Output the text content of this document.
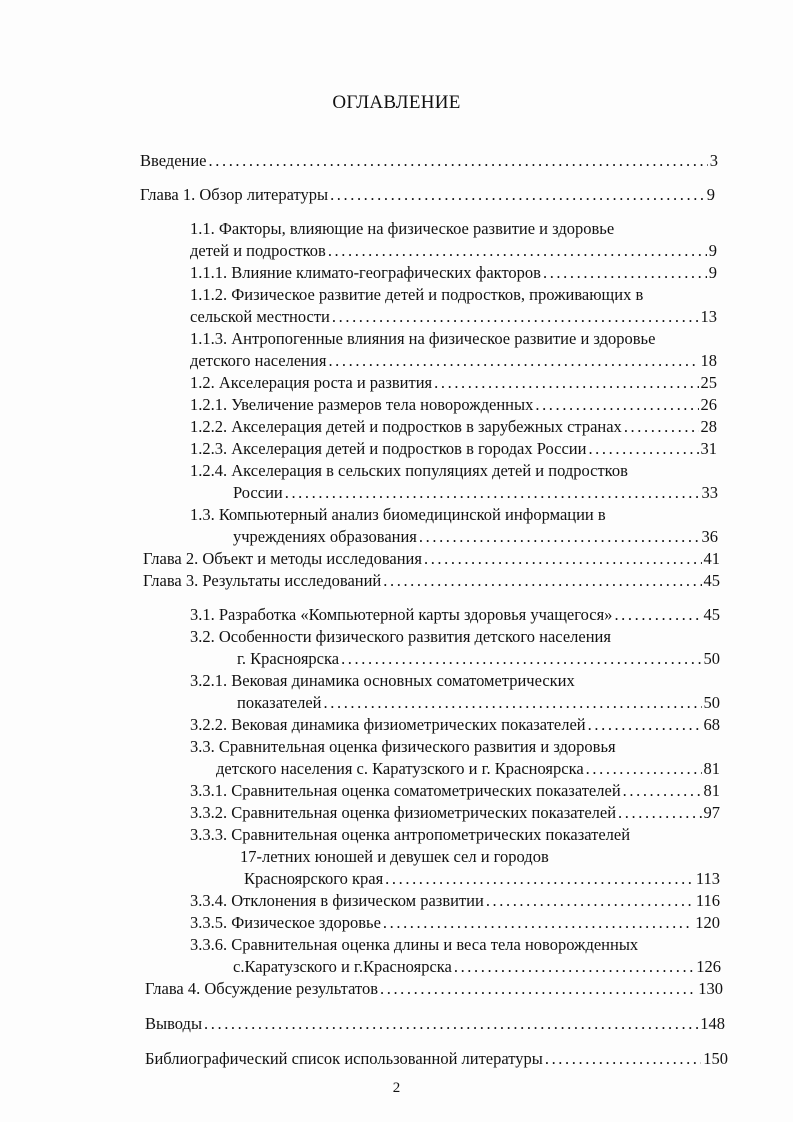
ОГЛАВЛЕНИЕ
Введение .....	3
Глава 1. Обзор литературы .....	9
1.1. Факторы, влияющие на физическое развитие и здоровье
детей и подростков .....	9
1.1.1. Влияние климато-географических факторов .....	9
1.1.2. Физическое развитие детей и подростков, проживающих в
сельской местности .....	13
1.1.3. Антропогенные влияния на физическое развитие и здоровье
детского населения .....	18
1.2. Акселерация роста и развития .....	25
1.2.1. Увеличение размеров тела новорожденных .....	26
1.2.2. Акселерация детей и подростков в зарубежных странах .....	28
1.2.3. Акселерация детей и подростков в городах России .....	31
1.2.4. Акселерация в сельских популяциях детей и подростков
России .....	33
1.3. Компьютерный анализ биомедицинской информации в
учреждениях образования .....	36
Глава 2. Объект и методы исследования .....	41
Глава 3. Результаты исследований .....	45
3.1. Разработка «Компьютерной карты здоровья учащегося» .....	45
3.2. Особенности физического развития детского населения
г. Красноярска .....	50
3.2.1. Вековая динамика основных соматометрических
показателей .....	50
3.2.2. Вековая динамика физиометрических показателей .....	68
3.3. Сравнительная оценка физического развития и здоровья
детского населения с. Каратузского и г. Красноярска .....	81
3.3.1. Сравнительная оценка соматометрических показателей .....	81
3.3.2. Сравнительная оценка физиометрических показателей .....	97
3.3.3. Сравнительная оценка антропометрических показателей
17-летних юношей и девушек сел и городов
Красноярского края .....	113
3.3.4. Отклонения в физическом развитии .....	116
3.3.5. Физическое здоровье .....	120
3.3.6. Сравнительная оценка длины и веса тела новорожденных
с.Каратузского и г.Красноярска .....	126
Глава 4. Обсуждение результатов .....	130
Выводы .....	148
Библиографический список использованной литературы .....	150
2
